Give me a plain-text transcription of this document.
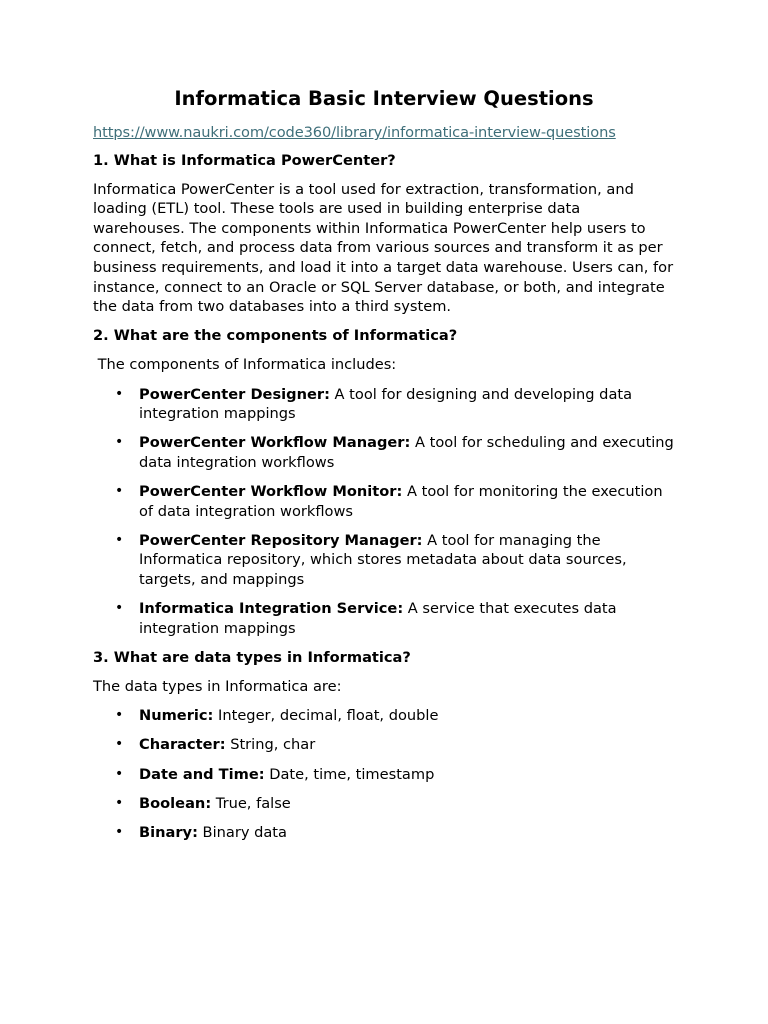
Informatica Basic Interview Questions
https://www.naukri.com/code360/library/informatica-interview-questions
1. What is Informatica PowerCenter?

Informatica PowerCenter is a tool used for extraction, transformation, and loading (ETL) tool. These tools are used in building enterprise data warehouses. The components within Informatica PowerCenter help users to connect, fetch, and process data from various sources and transform it as per business requirements, and load it into a target data warehouse. Users can, for instance, connect to an Oracle or SQL Server database, or both, and integrate the data from two databases into a third system.

2. What are the components of Informatica?

The components of Informatica includes:

• PowerCenter Designer: A tool for designing and developing data integration mappings
• PowerCenter Workflow Manager: A tool for scheduling and executing data integration workflows
• PowerCenter Workflow Monitor: A tool for monitoring the execution of data integration workflows
• PowerCenter Repository Manager: A tool for managing the Informatica repository, which stores metadata about data sources, targets, and mappings
• Informatica Integration Service: A service that executes data integration mappings
3. What are data types in Informatica?

The data types in Informatica are:

• Numeric: Integer, decimal, float, double
• Character: String, char
• Date and Time: Date, time, timestamp
• Boolean: True, false
• Binary: Binary data
